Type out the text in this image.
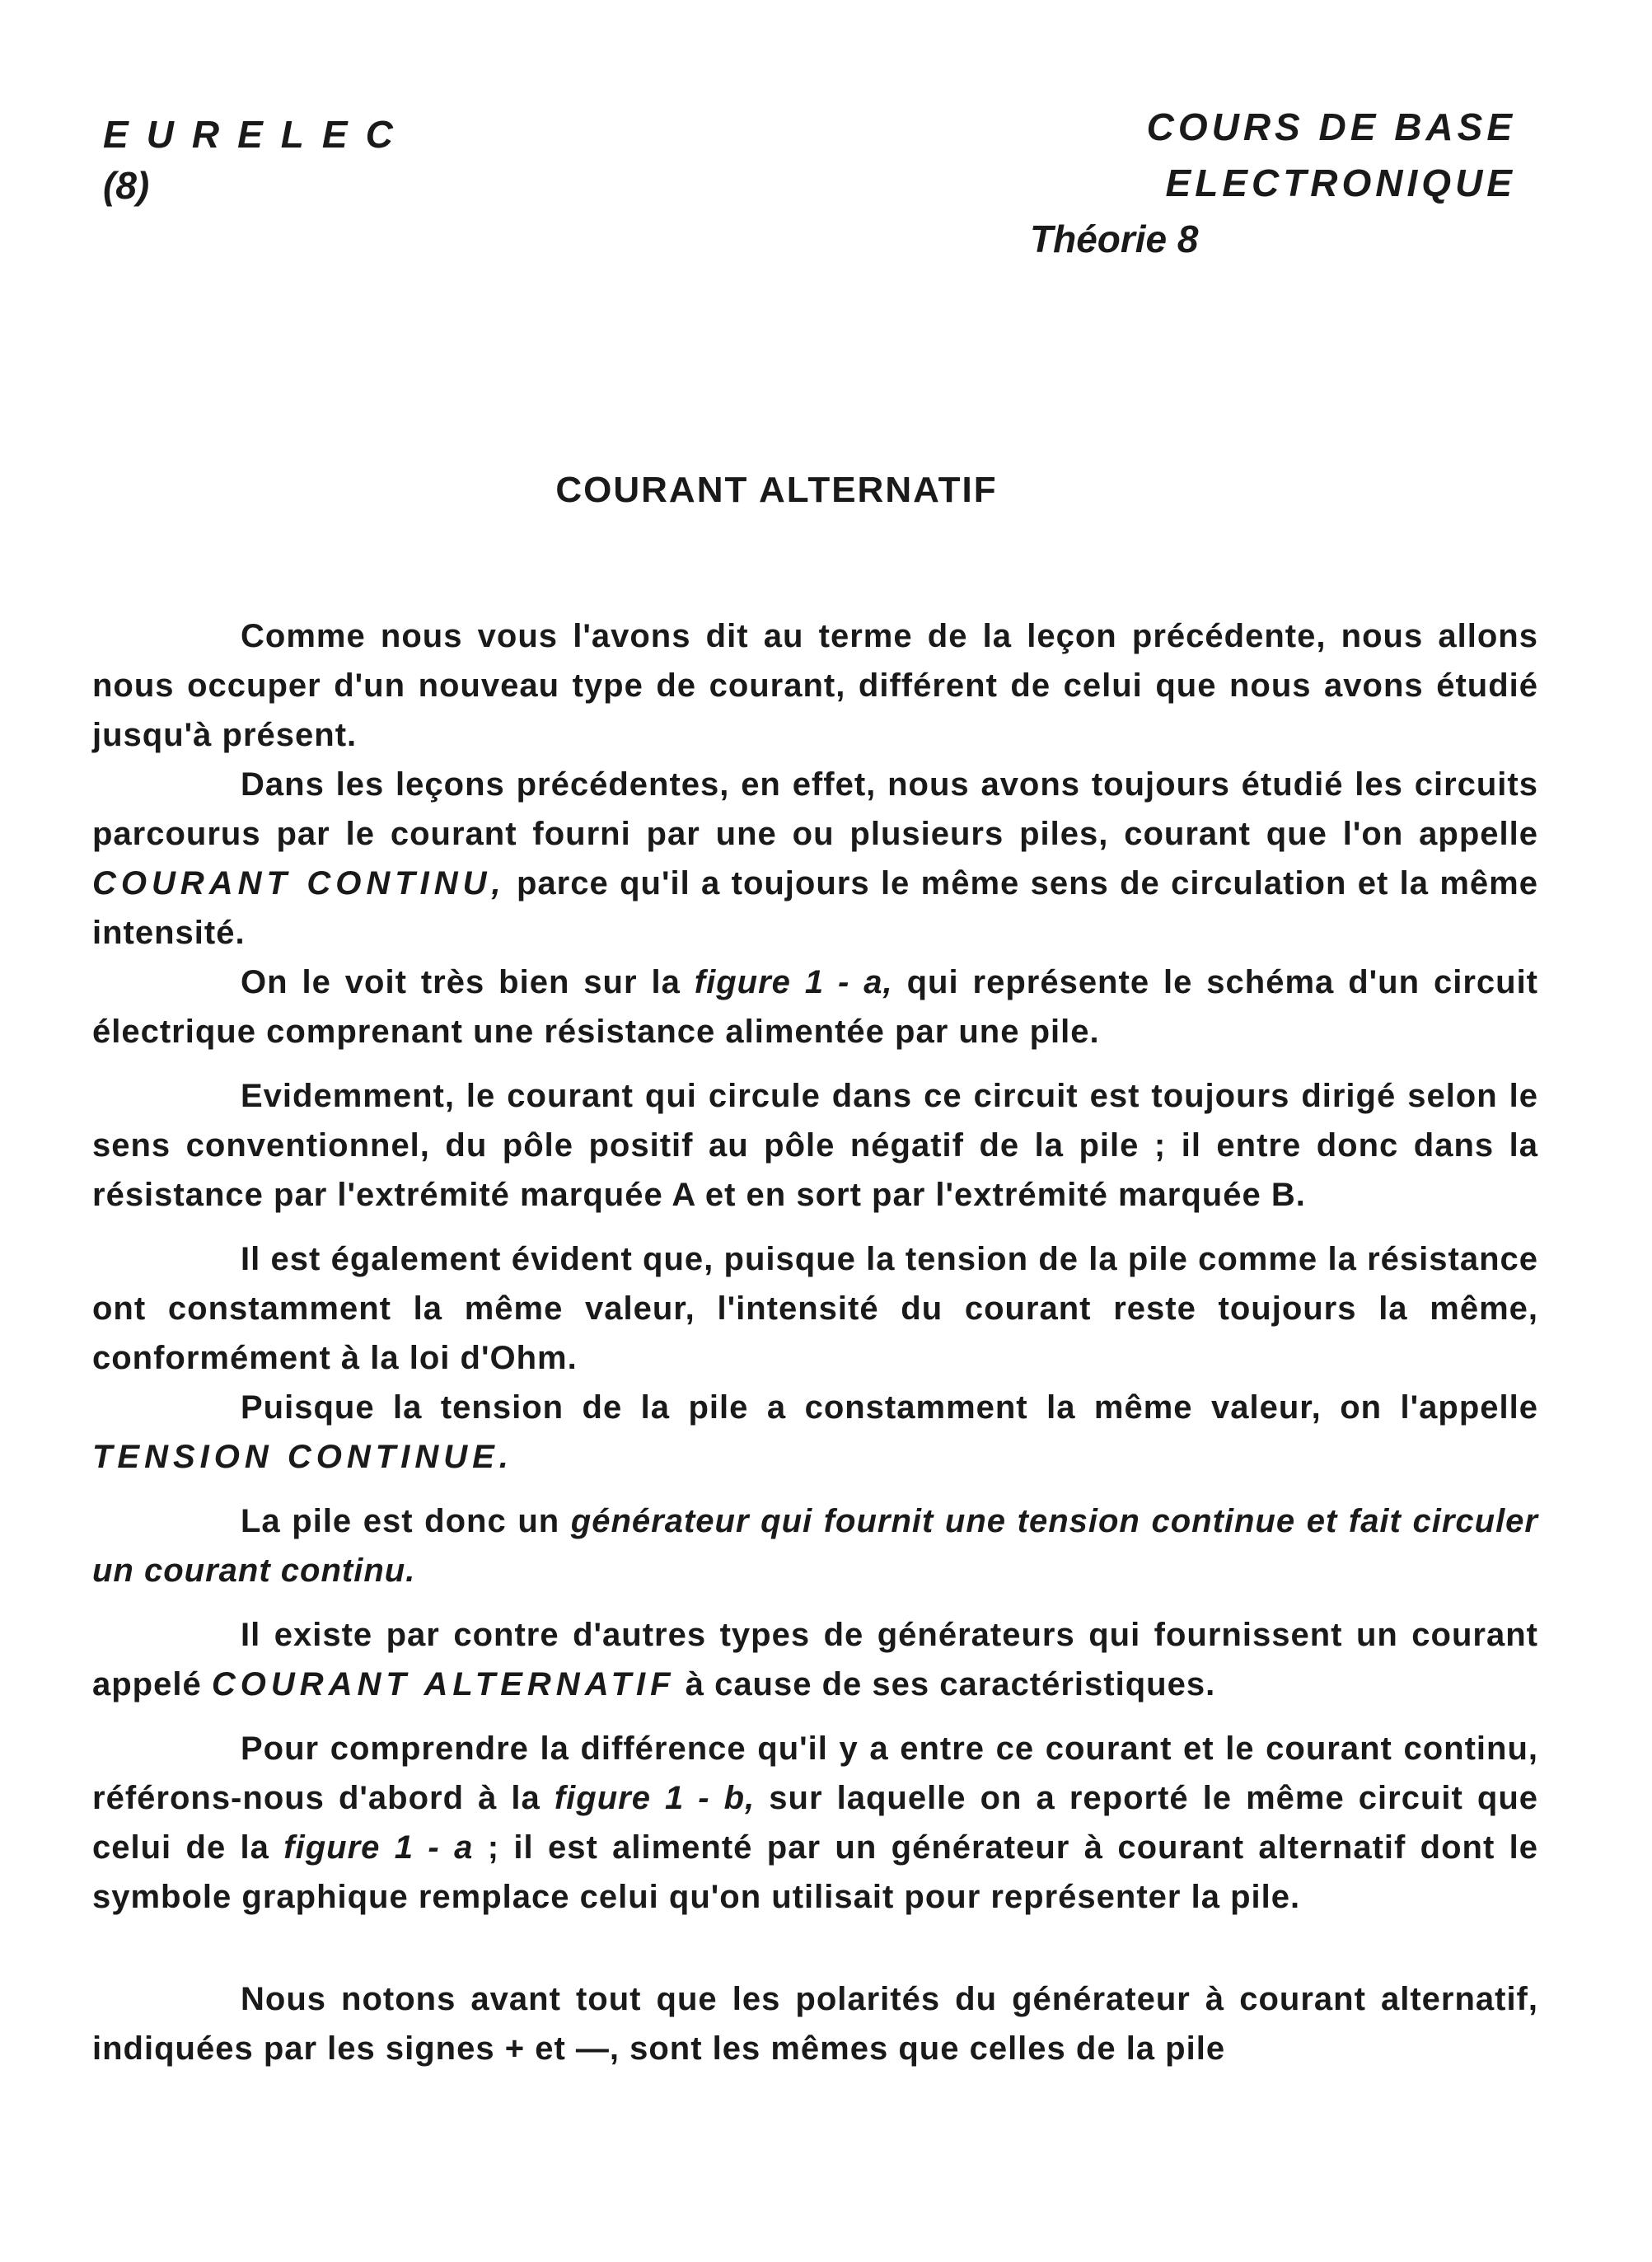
EURELEC
(8)
COURS DE BASE ELECTRONIQUE
Théorie 8
COURANT ALTERNATIF

Comme nous vous l'avons dit au terme de la leçon précédente, nous allons nous occuper d'un nouveau type de courant, différent de celui que nous avons étudié jusqu'à présent.

Dans les leçons précédentes, en effet, nous avons toujours étudié les circuits parcourus par le courant fourni par une ou plusieurs piles, courant que l'on appelle COURANT CONTINU, parce qu'il a toujours le même sens de circulation et la même intensité.

On le voit très bien sur la figure 1 - a, qui représente le schéma d'un circuit électrique comprenant une résistance alimentée par une pile.

Evidemment, le courant qui circule dans ce circuit est toujours dirigé selon le sens conventionnel, du pôle positif au pôle négatif de la pile ; il entre donc dans la résistance par l'extrémité marquée A et en sort par l'extrémité marquée B.

Il est également évident que, puisque la tension de la pile comme la résistance ont constamment la même valeur, l'intensité du courant reste toujours la même, conformément à la loi d'Ohm.

Puisque la tension de la pile a constamment la même valeur, on l'appelle TENSION CONTINUE.

La pile est donc un générateur qui fournit une tension continue et fait circuler un courant continu.

Il existe par contre d'autres types de générateurs qui fournissent un courant appelé COURANT ALTERNATIF à cause de ses caractéristiques.

Pour comprendre la différence qu'il y a entre ce courant et le courant continu, référons-nous d'abord à la figure 1 - b, sur laquelle on a reporté le même circuit que celui de la figure 1 - a ; il est alimenté par un générateur à courant alternatif dont le symbole graphique remplace celui qu'on utilisait pour représenter la pile.

Nous notons avant tout que les polarités du générateur à courant alternatif, indiquées par les signes + et —, sont les mêmes que celles de la pile
